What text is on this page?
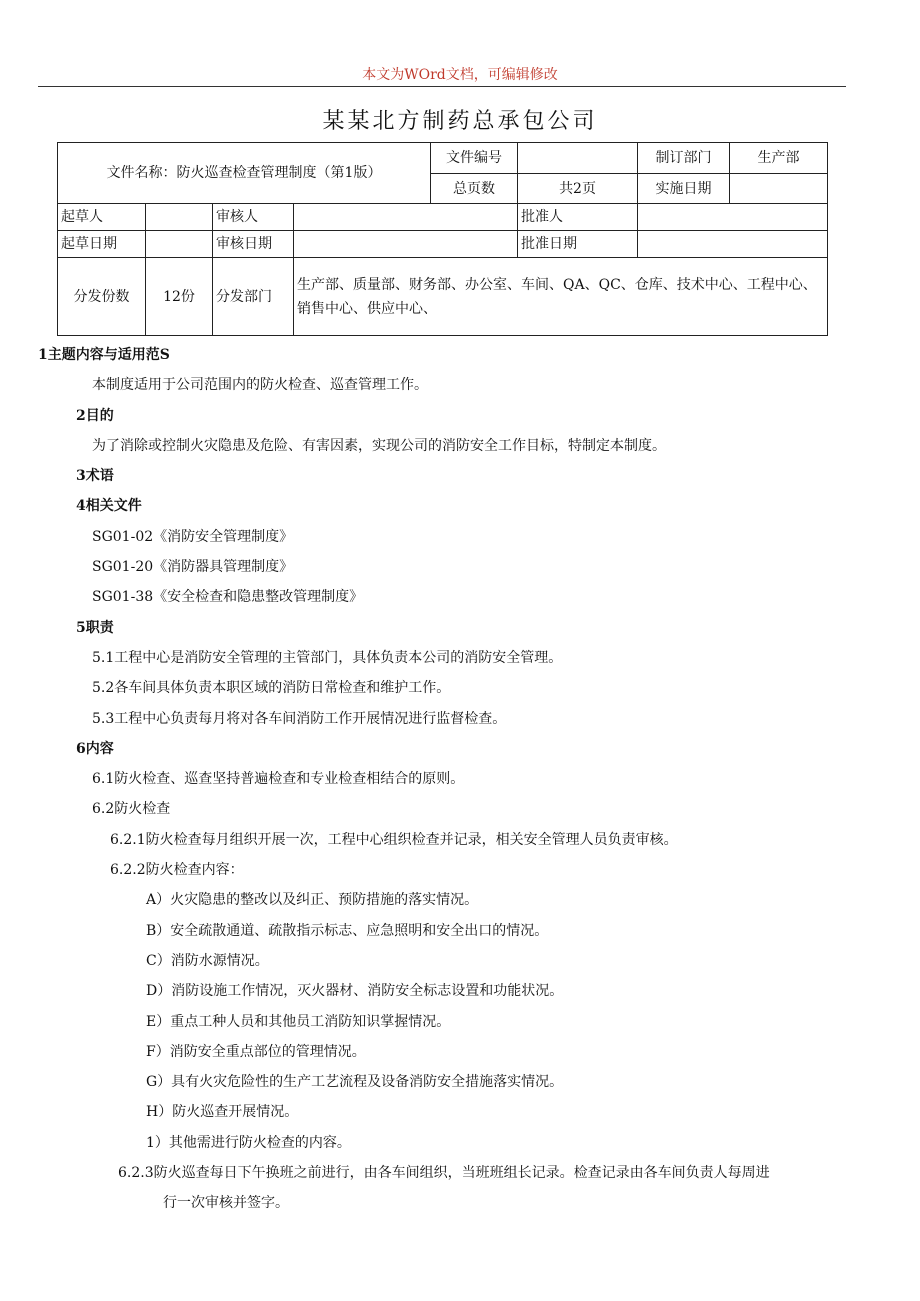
本文为WOrd文档，可编辑修改
某某北方制药总承包公司
文件名称：防火巡查检查管理制度（第1版）				文件编号		制订部门	生产部
				总页数	共2页	实施日期	
起草人		审核人			批准人		
起草日期		审核日期			批准日期		
分发份数	12份	分发部门	生产部、质量部、财务部、办公室、车间、QA、QC、仓库、技术中心、工程中心、销售中心、供应中心、				

1主题内容与适用范S

本制度适用于公司范围内的防火检查、巡查管理工作。

2目的

为了消除或控制火灾隐患及危险、有害因素，实现公司的消防安全工作目标，特制定本制度。

3术语

4相关文件

SG01-02《消防安全管理制度》

SG01-20《消防器具管理制度》

SG01-38《安全检查和隐患整改管理制度》

5职责

5.1工程中心是消防安全管理的主管部门，具体负责本公司的消防安全管理。

5.2各车间具体负责本职区域的消防日常检查和维护工作。

5.3工程中心负责每月将对各车间消防工作开展情况进行监督检查。

6内容

6.1防火检查、巡查坚持普遍检查和专业检查相结合的原则。

6.2防火检查

6.2.1防火检查每月组织开展一次，工程中心组织检查并记录，相关安全管理人员负责审核。

6.2.2防火检查内容：

A）火灾隐患的整改以及纠正、预防措施的落实情况。

B）安全疏散通道、疏散指示标志、应急照明和安全出口的情况。

C）消防水源情况。

D）消防设施工作情况，灭火器材、消防安全标志设置和功能状况。

E）重点工种人员和其他员工消防知识掌握情况。

F）消防安全重点部位的管理情况。

G）具有火灾危险性的生产工艺流程及设备消防安全措施落实情况。

H）防火巡查开展情况。

1）其他需进行防火检查的内容。

6.2.3防火巡查每日下午换班之前进行，由各车间组织，当班班组长记录。检查记录由各车间负责人每周进

行一次审核并签字。
